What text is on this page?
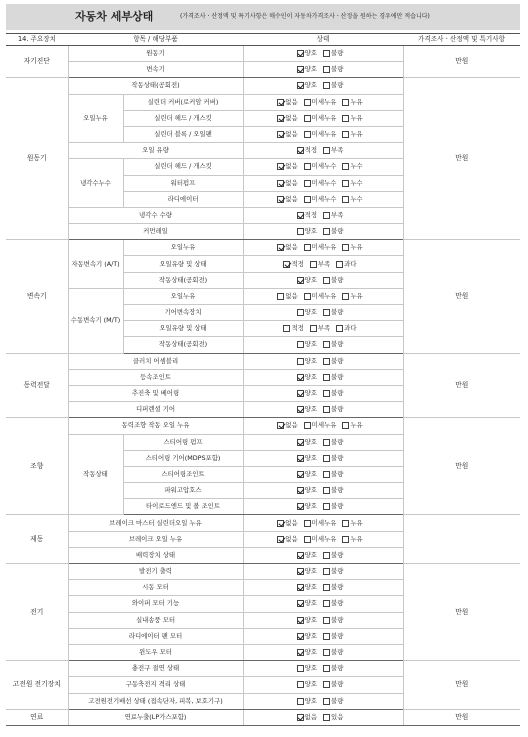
자동차 세부상태	(가격조사ㆍ산정액 및 특기사항은 매수인이 자동차가격조사ㆍ산정을 원하는 경우에만 적습니다)
14. 주요장치	항목 / 해당부품		상태	가격조사ㆍ산정액 및 특기사항
자기진단	원동기		양호 불량	만원
	변속기		양호 불량	
원동기	작동상태(공회전)		양호 불량	만원
	오일누유	실린더 커버(로커암 커버)	없음 미세누유 누유	
		실린더 헤드 / 개스킷	없음 미세누유 누유	
		실린더 블록 / 오일팬	없음 미세누유 누유	
	오일 유량		적정 부족	
	냉각수누수	실린더 헤드 / 개스킷	없음 미세누수 누수	
		워터펌프	없음 미세누수 누수	
		라디에이터	없음 미세누수 누수	
	냉각수 수량		적정 부족	
	커먼레일		양호 불량	
변속기	자동변속기 (A/T)	오일누유	없음 미세누유 누유	만원
		오일유량 및 상태	적정 부족 과다	
		작동상태(공회전)	양호 불량	
	수동변속기 (M/T)	오일누유	없음 미세누유 누유	
		기어변속장치	양호 불량	
		오일유량 및 상태	적정 부족 과다	
		작동상태(공회전)	양호 불량	
동력전달	클러치 어셈블리		양호 불량	만원
	등속조인트		양호 불량	
	추진축 및 베어링		양호 불량	
	디퍼렌셜 기어		양호 불량	
조향	동력조향 작동 오일 누유		없음 미세누유 누유	만원
	작동상태	스티어링 펌프	양호 불량	
		스티어링 기어(MDPS포함)	양호 불량	
		스티어링조인트	양호 불량	
		파워고압호스	양호 불량	
		타이로드엔드 및 볼 조인트	양호 불량	
제동	브레이크 마스터 실린더오일 누유		없음 미세누유 누유	
	브레이크 오일 누유		없음 미세누유 누유	
	배력장치 상태		양호 불량	
전기	발전기 출력		양호 불량	만원
	시동 모터		양호 불량	
	와이퍼 모터 기능		양호 불량	
	실내송풍 모터		양호 불량	
	라디에이터 팬 모터		양호 불량	
	윈도우 모터		양호 불량	
고전원 전기장치	충전구 절연 상태		양호 불량	만원
	구동축전지 격리 상태		양호 불량	
	고전원전기배선 상태 (접속단자, 피복, 보호기구)		양호 불량	
연료	연료누출(LP가스포함)		없음 있음	만원
